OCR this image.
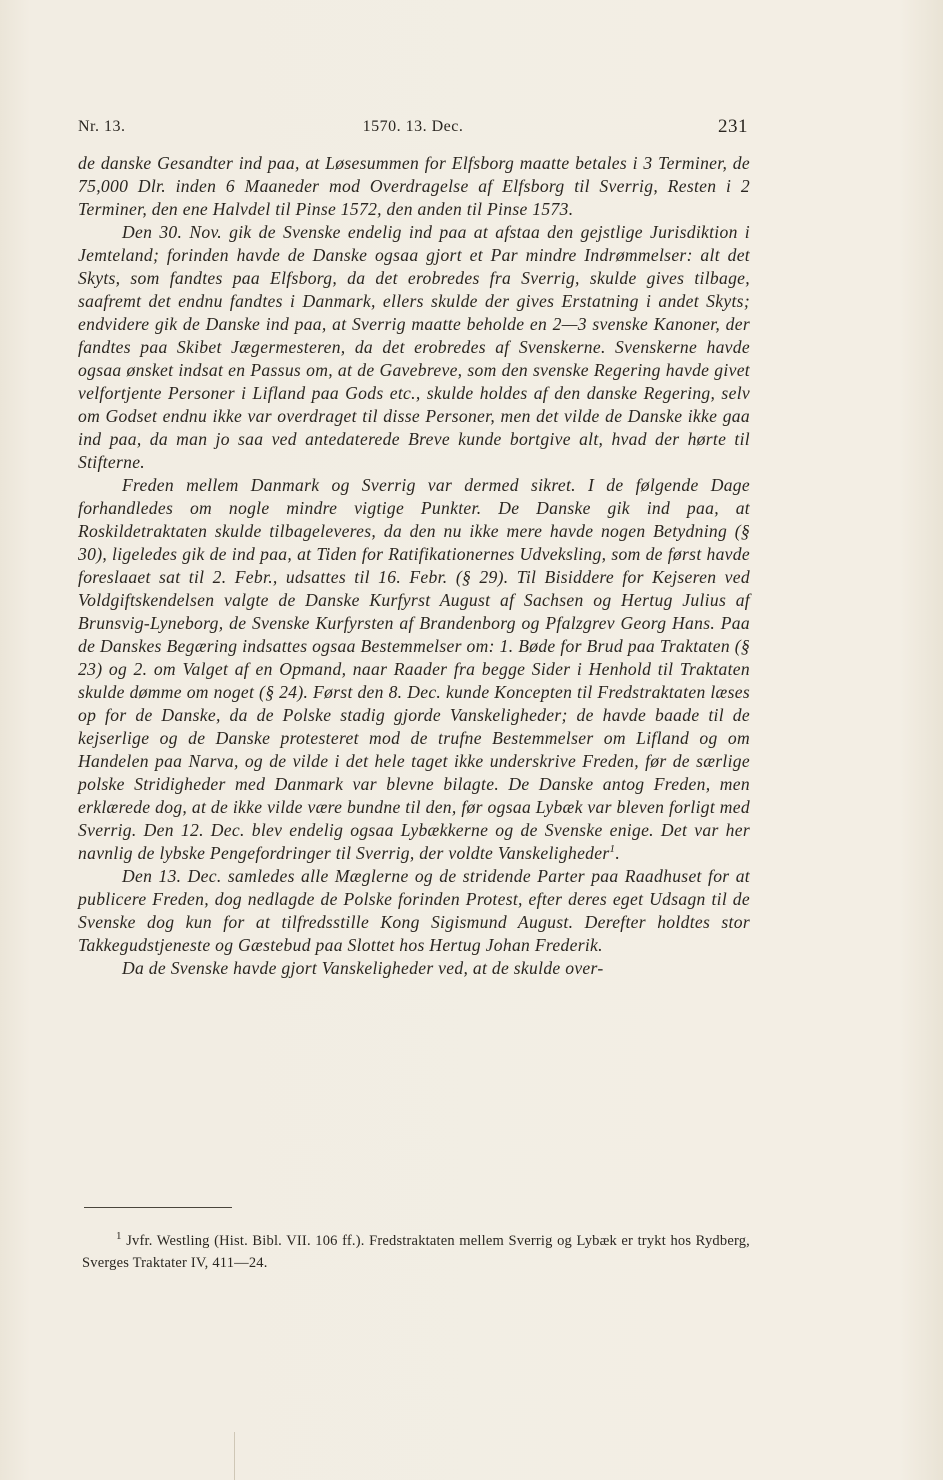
Nr. 13.	1570. 13. Dec.	231

de danske Gesandter ind paa, at Løsesummen for Elfsborg maatte betales i 3 Terminer, de 75,000 Dlr. inden 6 Maaneder mod Overdragelse af Elfsborg til Sverrig, Resten i 2 Terminer, den ene Halvdel til Pinse 1572, den anden til Pinse 1573.

Den 30. Nov. gik de Svenske endelig ind paa at afstaa den gejstlige Jurisdiktion i Jemteland; forinden havde de Danske ogsaa gjort et Par mindre Indrømmelser: alt det Skyts, som fandtes paa Elfsborg, da det erobredes fra Sverrig, skulde gives tilbage, saafremt det endnu fandtes i Danmark, ellers skulde der gives Erstatning i andet Skyts; endvidere gik de Danske ind paa, at Sverrig maatte beholde en 2—3 svenske Kanoner, der fandtes paa Skibet Jægermesteren, da det erobredes af Svenskerne. Svenskerne havde ogsaa ønsket indsat en Passus om, at de Gavebreve, som den svenske Regering havde givet velfortjente Personer i Lifland paa Gods etc., skulde holdes af den danske Regering, selv om Godset endnu ikke var overdraget til disse Personer, men det vilde de Danske ikke gaa ind paa, da man jo saa ved antedaterede Breve kunde bortgive alt, hvad der hørte til Stifterne.

Freden mellem Danmark og Sverrig var dermed sikret. I de følgende Dage forhandledes om nogle mindre vigtige Punkter. De Danske gik ind paa, at Roskildetraktaten skulde tilbageleveres, da den nu ikke mere havde nogen Betydning (§ 30), ligeledes gik de ind paa, at Tiden for Ratifikationernes Udveksling, som de først havde foreslaaet sat til 2. Febr., udsattes til 16. Febr. (§ 29). Til Bisiddere for Kejseren ved Voldgiftskendelsen valgte de Danske Kurfyrst August af Sachsen og Hertug Julius af Brunsvig-Lyneborg, de Svenske Kurfyrsten af Brandenborg og Pfalzgrev Georg Hans. Paa de Danskes Begæring indsattes ogsaa Bestemmelser om: 1. Bøde for Brud paa Traktaten (§ 23) og 2. om Valget af en Opmand, naar Raader fra begge Sider i Henhold til Traktaten skulde dømme om noget (§ 24). Først den 8. Dec. kunde Koncepten til Fredstraktaten læses op for de Danske, da de Polske stadig gjorde Vanskeligheder; de havde baade til de kejserlige og de Danske protesteret mod de trufne Bestemmelser om Lifland og om Handelen paa Narva, og de vilde i det hele taget ikke underskrive Freden, før de særlige polske Stridigheder med Danmark var blevne bilagte. De Danske antog Freden, men erklærede dog, at de ikke vilde være bundne til den, før ogsaa Lybæk var bleven forligt med Sverrig. Den 12. Dec. blev endelig ogsaa Lybækkerne og de Svenske enige. Det var her navnlig de lybske Pengefordringer til Sverrig, der voldte Vanskeligheder$^1$.

Den 13. Dec. samledes alle Mæglerne og de stridende Parter paa Raadhuset for at publicere Freden, dog nedlagde de Polske forinden Protest, efter deres eget Udsagn til de Svenske dog kun for at tilfredsstille Kong Sigismund August. Derefter holdtes stor Takkegudstjeneste og Gæstebud paa Slottet hos Hertug Johan Frederik.

Da de Svenske havde gjort Vanskeligheder ved, at de skulde over-

$^1$ Jvfr. Westling (Hist. Bibl. VII. 106 ff.). Fredstraktaten mellem Sverrig og Lybæk er trykt hos Rydberg, Sverges Traktater IV, 411—24.
